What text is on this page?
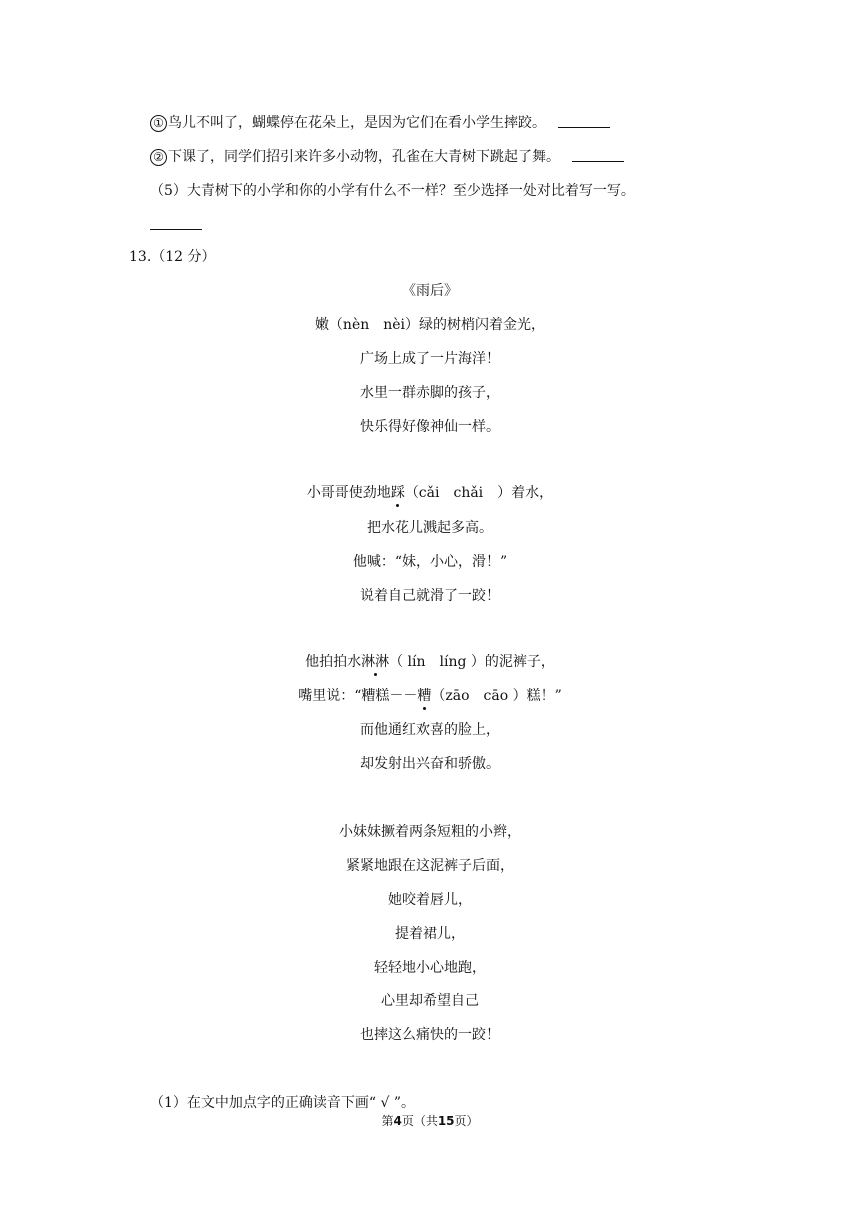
① 鸟儿不叫了，蝴蝶停在花朵上，是因为它们在看小学生摔跤。
② 下课了，同学们招引来许多小动物，孔雀在大青树下跳起了舞。
（5）大青树下的小学和你的小学有什么不一样？至少选择一处对比着写一写。
13.（12 分）
《雨后》
嫩（nèn　nèi）绿的树梢闪着金光，
广场上成了一片海洋！
水里一群赤脚的孩子，
快乐得好像神仙一样。
小哥哥使劲地踩（cǎi　chǎi　）着水，
把水花儿溅起多高。
他喊：“妹，小心，滑！”
说着自己就滑了一跤！
他拍拍水淋淋（ lín　líng ）的泥裤子，
嘴里说：“糟糕－－糟（zāo　cāo ）糕！”
而他通红欢喜的脸上，
却发射出兴奋和骄傲。
小妹妹撅着两条短粗的小辫，
紧紧地跟在这泥裤子后面，
她咬着唇儿，
提着裙儿，
轻轻地小心地跑，
心里却希望自己
也摔这么痛快的一跤！
（1）在文中加点字的正确读音下画“ √ ”。
第4页（共15页）
